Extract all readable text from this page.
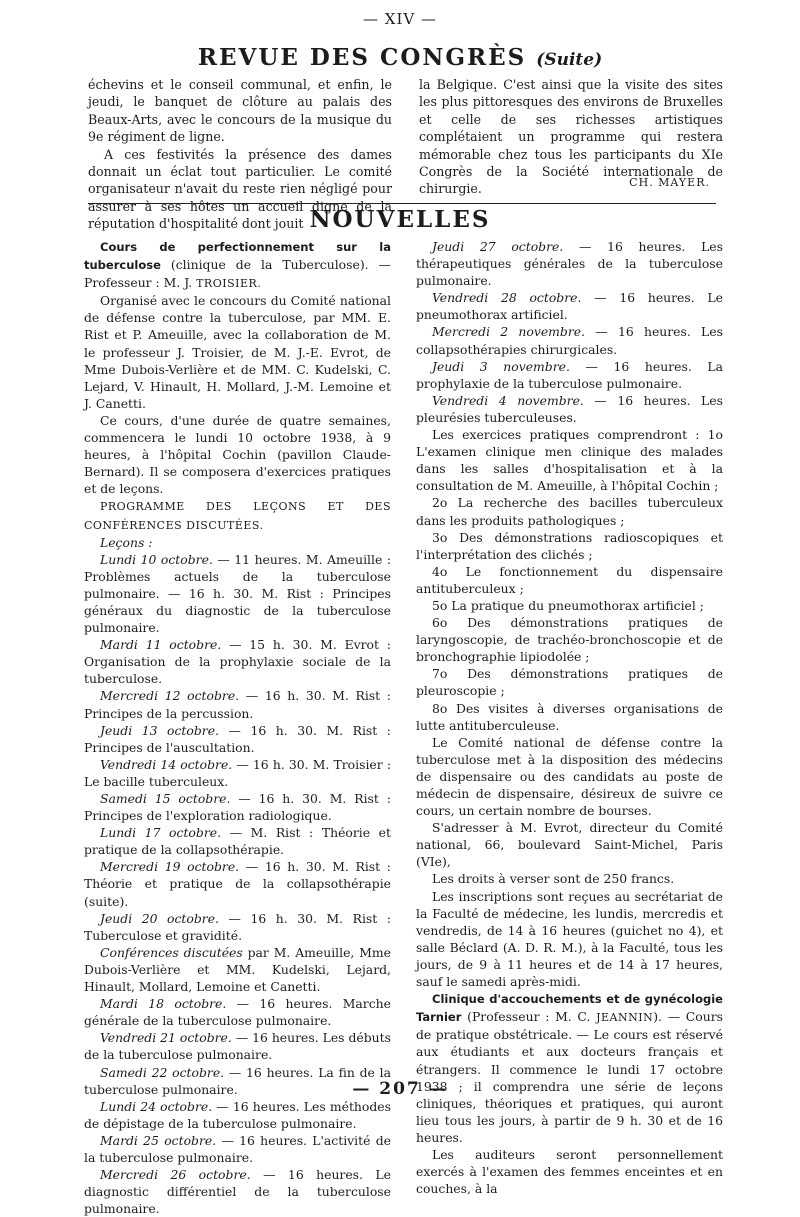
— XIV —
REVUE DES CONGRÈS (Suite)

échevins et le conseil communal, et enfin, le jeudi, le banquet de clôture au palais des Beaux-Arts, avec le concours de la musique du 9e régiment de ligne.

A ces festivités la présence des dames donnait un éclat tout particulier. Le comité organisateur n'avait du reste rien négligé pour assurer à ses hôtes un accueil digne de la réputation d'hospitalité dont jouit

la Belgique. C'est ainsi que la visite des sites les plus pittoresques des environs de Bruxelles et celle de ses richesses artistiques complétaient un programme qui restera mémorable chez tous les participants du XIe Congrès de la Société internationale de chirurgie.	CH. MAYER.
NOUVELLES

Cours de perfectionnement sur la tuberculose (clinique de la Tuberculose). — Professeur : M. J. TROISIER.

Organisé avec le concours du Comité national de défense contre la tuberculose, par MM. E. Rist et P. Ameuille, avec la collaboration de M. le professeur J. Troisier, de M. J.-E. Evrot, de Mme Dubois-Verlière et de MM. C. Kudelski, C. Lejard, V. Hinault, H. Mollard, J.-M. Lemoine et J. Canetti.

Ce cours, d'une durée de quatre semaines, commencera le lundi 10 octobre 1938, à 9 heures, à l'hôpital Cochin (pavillon Claude-Bernard). Il se composera d'exercices pratiques et de leçons.

PROGRAMME DES LEÇONS ET DES CONFÉRENCES DISCUTÉES.

Leçons :

Lundi 10 octobre. — 11 heures. M. Ameuille : Problèmes actuels de la tuberculose pulmonaire. — 16 h. 30. M. Rist : Principes généraux du diagnostic de la tuberculose pulmonaire.

Mardi 11 octobre. — 15 h. 30. M. Evrot : Organisation de la prophylaxie sociale de la tuberculose.

Mercredi 12 octobre. — 16 h. 30. M. Rist : Principes de la percussion.

Jeudi 13 octobre. — 16 h. 30. M. Rist : Principes de l'auscultation.

Vendredi 14 octobre. — 16 h. 30. M. Troisier : Le bacille tuberculeux.

Samedi 15 octobre. — 16 h. 30. M. Rist : Principes de l'exploration radiologique.

Lundi 17 octobre. — M. Rist : Théorie et pratique de la collapsothérapie.

Mercredi 19 octobre. — 16 h. 30. M. Rist : Théorie et pratique de la collapsothérapie (suite).

Jeudi 20 octobre. — 16 h. 30. M. Rist : Tuberculose et gravidité.

Conférences discutées par M. Ameuille, Mme Dubois-Verlière et MM. Kudelski, Lejard, Hinault, Mollard, Lemoine et Canetti.

Mardi 18 octobre. — 16 heures. Marche générale de la tuberculose pulmonaire.

Vendredi 21 octobre. — 16 heures. Les débuts de la tuberculose pulmonaire.

Samedi 22 octobre. — 16 heures. La fin de la tuberculose pulmonaire.

Lundi 24 octobre. — 16 heures. Les méthodes de dépistage de la tuberculose pulmonaire.

Mardi 25 octobre. — 16 heures. L'activité de la tuberculose pulmonaire.

Mercredi 26 octobre. — 16 heures. Le diagnostic différentiel de la tuberculose pulmonaire.

Jeudi 27 octobre. — 16 heures. Les thérapeutiques générales de la tuberculose pulmonaire.

Vendredi 28 octobre. — 16 heures. Le pneumothorax artificiel.

Mercredi 2 novembre. — 16 heures. Les collapsothérapies chirurgicales.

Jeudi 3 novembre. — 16 heures. La prophylaxie de la tuberculose pulmonaire.

Vendredi 4 novembre. — 16 heures. Les pleurésies tuberculeuses.

Les exercices pratiques comprendront : 1o L'examen clinique men clinique des malades dans les salles d'hospitalisation et à la consultation de M. Ameuille, à l'hôpital Cochin ;

2o La recherche des bacilles tuberculeux dans les produits pathologiques ;

3o Des démonstrations radioscopiques et l'interprétation des clichés ;

4o Le fonctionnement du dispensaire antituberculeux ;

5o La pratique du pneumothorax artificiel ;

6o Des démonstrations pratiques de laryngoscopie, de trachéo-bronchoscopie et de bronchographie lipiodolée ;

7o Des démonstrations pratiques de pleuroscopie ;

8o Des visites à diverses organisations de lutte antituberculeuse.

Le Comité national de défense contre la tuberculose met à la disposition des médecins de dispensaire ou des candidats au poste de médecin de dispensaire, désireux de suivre ce cours, un certain nombre de bourses.

S'adresser à M. Evrot, directeur du Comité national, 66, boulevard Saint-Michel, Paris (VIe),

Les droits à verser sont de 250 francs.

Les inscriptions sont reçues au secrétariat de la Faculté de médecine, les lundis, mercredis et vendredis, de 14 à 16 heures (guichet no 4), et salle Béclard (A. D. R. M.), à la Faculté, tous les jours, de 9 à 11 heures et de 14 à 17 heures, sauf le samedi après-midi.

Clinique d'accouchements et de gynécologie Tarnier (Professeur : M. C. JEANNIN). — Cours de pratique obstétricale. — Le cours est réservé aux étudiants et aux docteurs français et étrangers. Il commence le lundi 17 octobre 1938 ; il comprendra une série de leçons cliniques, théoriques et pratiques, qui auront lieu tous les jours, à partir de 9 h. 30 et de 16 heures.

Les auditeurs seront personnellement exercés à l'examen des femmes enceintes et en couches, à la

— 207 —
